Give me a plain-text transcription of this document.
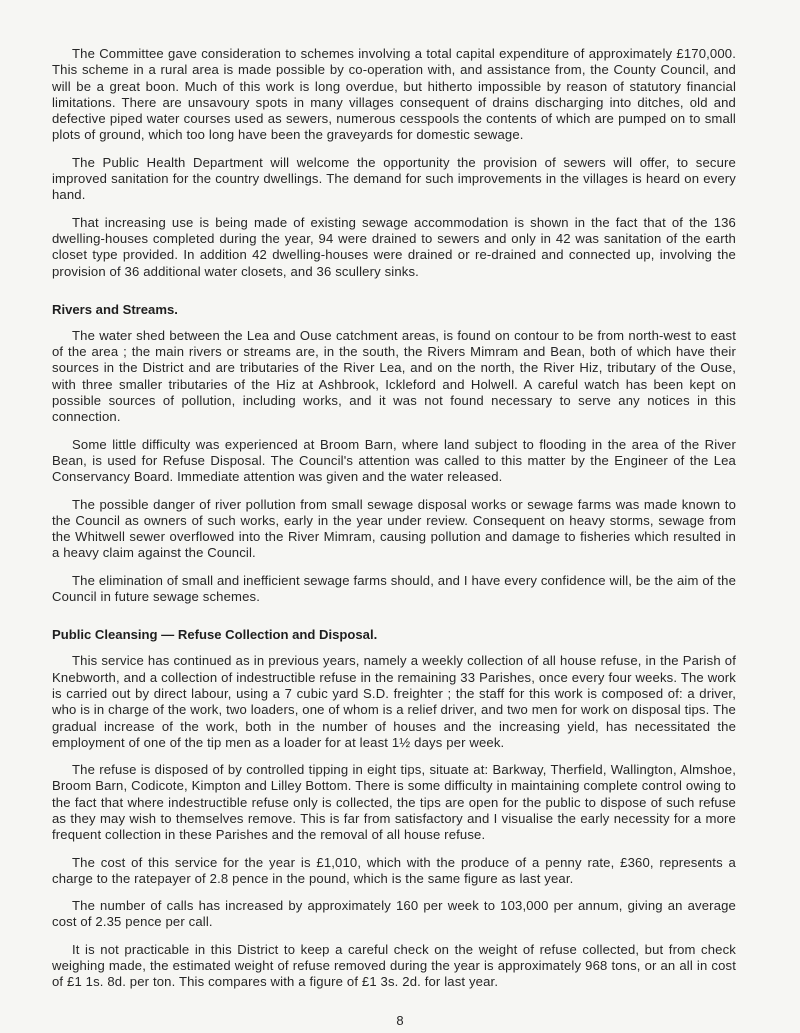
The Committee gave consideration to schemes involving a total capital expenditure of approximately £170,000. This scheme in a rural area is made possible by co-operation with, and assistance from, the County Council, and will be a great boon. Much of this work is long overdue, but hitherto impossible by reason of statutory financial limitations. There are unsavoury spots in many villages consequent of drains discharging into ditches, old and defective piped water courses used as sewers, numerous cesspools the contents of which are pumped on to small plots of ground, which too long have been the graveyards for domestic sewage.

The Public Health Department will welcome the opportunity the provision of sewers will offer, to secure improved sanitation for the country dwellings. The demand for such improvements in the villages is heard on every hand.

That increasing use is being made of existing sewage accommodation is shown in the fact that of the 136 dwelling-houses completed during the year, 94 were drained to sewers and only in 42 was sanitation of the earth closet type provided. In addition 42 dwelling-houses were drained or re-drained and connected up, involving the provision of 36 additional water closets, and 36 scullery sinks.

Rivers and Streams.

The water shed between the Lea and Ouse catchment areas, is found on contour to be from north-west to east of the area ; the main rivers or streams are, in the south, the Rivers Mimram and Bean, both of which have their sources in the District and are tributaries of the River Lea, and on the north, the River Hiz, tributary of the Ouse, with three smaller tributaries of the Hiz at Ashbrook, Ickleford and Holwell. A careful watch has been kept on possible sources of pollution, including works, and it was not found necessary to serve any notices in this connection.

Some little difficulty was experienced at Broom Barn, where land subject to flooding in the area of the River Bean, is used for Refuse Disposal. The Council's attention was called to this matter by the Engineer of the Lea Conservancy Board. Immediate attention was given and the water released.

The possible danger of river pollution from small sewage disposal works or sewage farms was made known to the Council as owners of such works, early in the year under review. Consequent on heavy storms, sewage from the Whitwell sewer overflowed into the River Mimram, causing pollution and damage to fisheries which resulted in a heavy claim against the Council.

The elimination of small and inefficient sewage farms should, and I have every confidence will, be the aim of the Council in future sewage schemes.

Public Cleansing — Refuse Collection and Disposal.

This service has continued as in previous years, namely a weekly collection of all house refuse, in the Parish of Knebworth, and a collection of indestructible refuse in the remaining 33 Parishes, once every four weeks. The work is carried out by direct labour, using a 7 cubic yard S.D. freighter ; the staff for this work is composed of: a driver, who is in charge of the work, two loaders, one of whom is a relief driver, and two men for work on disposal tips. The gradual increase of the work, both in the number of houses and the increasing yield, has necessitated the employment of one of the tip men as a loader for at least 1½ days per week.

The refuse is disposed of by controlled tipping in eight tips, situate at: Barkway, Therfield, Wallington, Almshoe, Broom Barn, Codicote, Kimpton and Lilley Bottom. There is some difficulty in maintaining complete control owing to the fact that where indestructible refuse only is collected, the tips are open for the public to dispose of such refuse as they may wish to themselves remove. This is far from satisfactory and I visualise the early necessity for a more frequent collection in these Parishes and the removal of all house refuse.

The cost of this service for the year is £1,010, which with the produce of a penny rate, £360, represents a charge to the ratepayer of 2.8 pence in the pound, which is the same figure as last year.

The number of calls has increased by approximately 160 per week to 103,000 per annum, giving an average cost of 2.35 pence per call.

It is not practicable in this District to keep a careful check on the weight of refuse collected, but from check weighing made, the estimated weight of refuse removed during the year is approximately 968 tons, or an all in cost of £1 1s. 8d. per ton. This compares with a figure of £1 3s. 2d. for last year.

8
